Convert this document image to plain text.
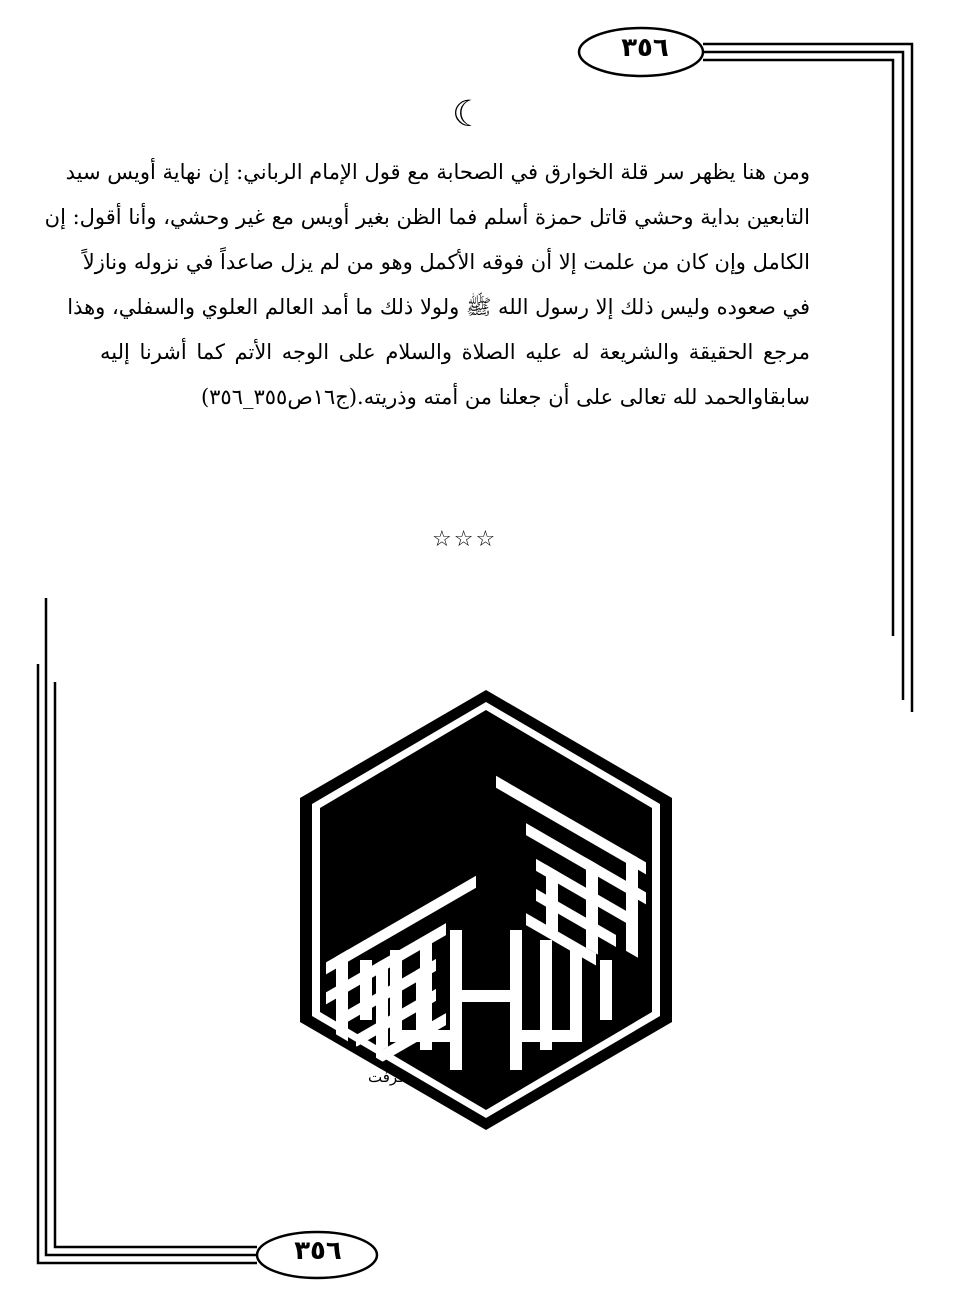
٣٥٦
٣٥٦
☾

ومن هنا يظهر سر قلة الخوارق في الصحابة مع قول الإمام الرباني: إن نهاية أويس سيد

التابعين بداية وحشي قاتل حمزة أسلم فما الظن بغير أويس مع غير وحشي، وأنا أقول: إن

الكامل وإن كان من علمت إلا أن فوقه الأكمل وهو من لم يزل صاعداً في نزوله ونازلاً

في صعوده وليس ذلك إلا رسول الله ﷺ ولولا ذلك ما أمد العالم العلوي والسفلي، وهذا

مرجع الحقيقة والشريعة له عليه الصلاة والسلام على الوجه الأتم كما أشرنا إليه

سابقاوالحمد لله تعالى على أن جعلنا من أمته وذريته.(ج١٦ص٣٥٥_٣٥٦)

☆☆☆
كرفت
